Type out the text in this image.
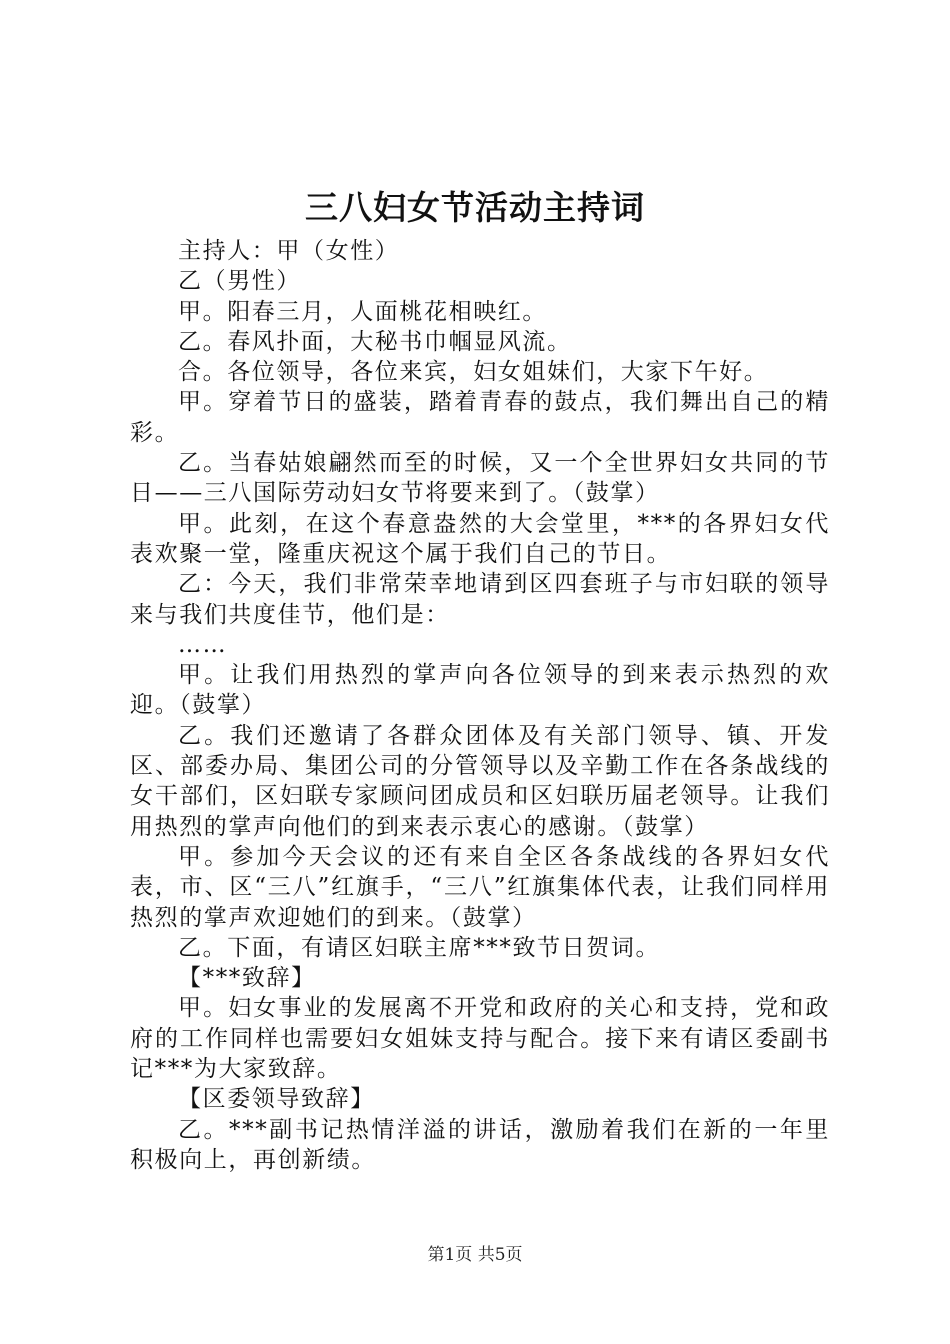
三八妇女节活动主持词

主持人：甲（女性）

乙（男性）

甲。阳春三月，人面桃花相映红。

乙。春风扑面，大秘书巾帼显风流。

合。各位领导，各位来宾，妇女姐妹们，大家下午好。

甲。穿着节日的盛装，踏着青春的鼓点，我们舞出自己的精彩。

乙。当春姑娘翩然而至的时候，又一个全世界妇女共同的节日——三八国际劳动妇女节将要来到了。（鼓掌）

甲。此刻，在这个春意盎然的大会堂里，***的各界妇女代表欢聚一堂，隆重庆祝这个属于我们自己的节日。

乙：今天，我们非常荣幸地请到区四套班子与市妇联的领导来与我们共度佳节，他们是：

……

甲。让我们用热烈的掌声向各位领导的到来表示热烈的欢迎。（鼓掌）

乙。我们还邀请了各群众团体及有关部门领导、镇、开发区、部委办局、集团公司的分管领导以及辛勤工作在各条战线的女干部们，区妇联专家顾问团成员和区妇联历届老领导。让我们用热烈的掌声向他们的到来表示衷心的感谢。（鼓掌）

甲。参加今天会议的还有来自全区各条战线的各界妇女代表，市、区“三八”红旗手，“三八”红旗集体代表，让我们同样用热烈的掌声欢迎她们的到来。（鼓掌）

乙。下面，有请区妇联主席***致节日贺词。

【***致辞】

甲。妇女事业的发展离不开党和政府的关心和支持，党和政府的工作同样也需要妇女姐妹支持与配合。接下来有请区委副书记***为大家致辞。

【区委领导致辞】

乙。***副书记热情洋溢的讲话，激励着我们在新的一年里积极向上，再创新绩。

第1页 共5页
